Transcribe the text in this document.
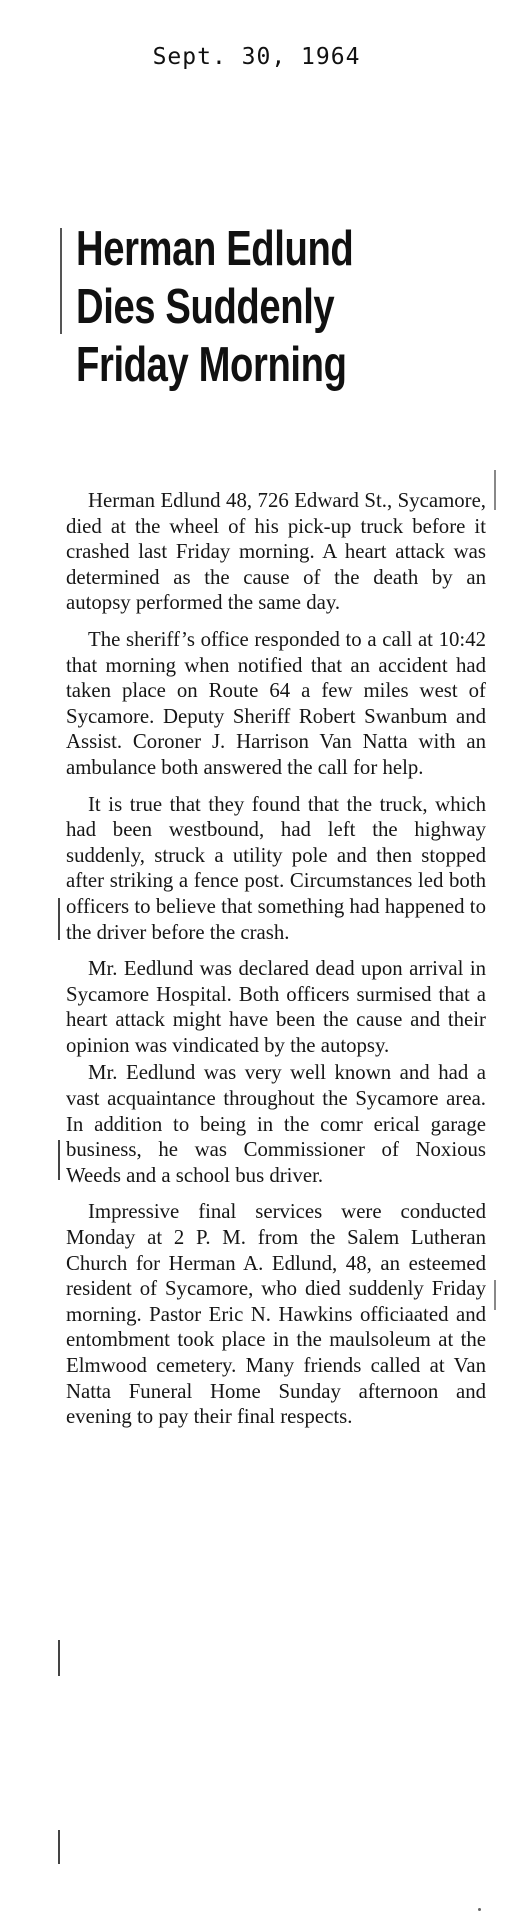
Sept. 30, 1964
Herman Edlund
Dies Suddenly
Friday Morning

Herman Edlund 48, 726 Edward St., Sycamore, died at the wheel of his pick-up truck before it crashed last Friday morning. A heart attack was determined as the cause of the death by an autopsy performed the same day.

The sheriff’s office responded to a call at 10:42 that morning when notified that an accident had taken place on Route 64 a few miles west of Sycamore. Deputy Sheriff Robert Swanbum and Assist. Coroner J. Harrison Van Natta with an ambulance both answered the call for help.

It is true that they found that the truck, which had been westbound, had left the highway suddenly, struck a utility pole and then stopped after striking a fence post. Circumstances led both officers to believe that something had happened to the driver before the crash.

Mr. Eedlund was declared dead upon arrival in Sycamore Hospital. Both officers surmised that a heart attack might have been the cause and their opinion was vindicated by the autopsy.

Mr. Eedlund was very well known and had a vast acquaintance throughout the Sycamore area. In addition to being in the comr erical garage business, he was Commissioner of Noxious Weeds and a school bus driver.

Impressive final services were conducted Monday at 2 P. M. from the Salem Lutheran Church for Herman A. Edlund, 48, an esteemed resident of Sycamore, who died suddenly Friday morning. Pastor Eric N. Hawkins officiaated and entombment took place in the maulsoleum at the Elmwood cemetery. Many friends called at Van Natta Funeral Home Sunday afternoon and evening to pay their final respects.
